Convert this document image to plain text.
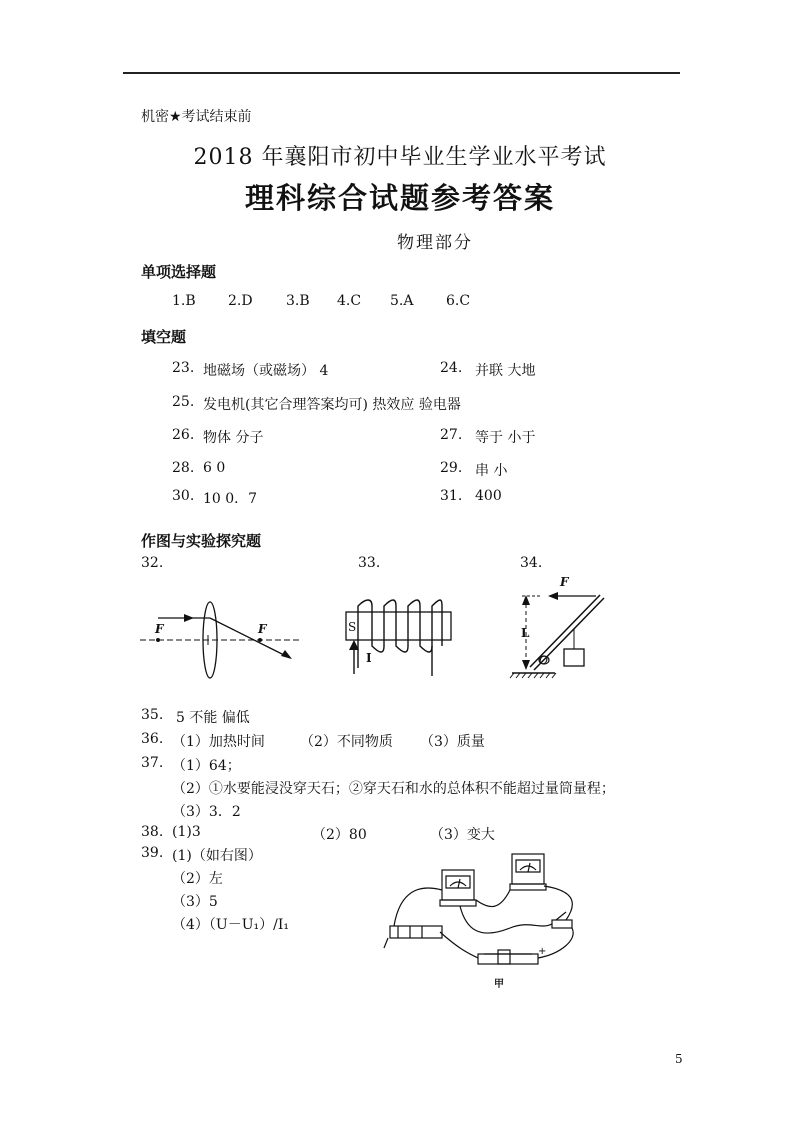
机密★考试结束前
2018 年襄阳市初中毕业生学业水平考试
理科综合试题参考答案
物理部分
单项选择题
1.B 2.D 3.B 4.C 5.A 6.C
填空题
23. 地磁场（或磁场） 4	24. 并联 大地
25. 发电机(其它合理答案均可) 热效应 验电器
26. 物体 分子	27. 等于 小于
28. 6 0	29. 串 小
30. 10 0．7	31. 400
作图与实验探究题
32.	33.	34.
F	F	S
I
F
L
O
35. 5 不能 偏低
36. （1）加热时间	（2）不同物质 （3）质量
37. （1）64；
（2）①水要能浸没穿天石；②穿天石和水的总体积不能超过量筒量程；
（3）3．2
38. (1)3	（2）80	（3）变大
39. (1)（如右图）
（2）左
（3）5
（4）（U－U₁）/I₁
+
甲
5
